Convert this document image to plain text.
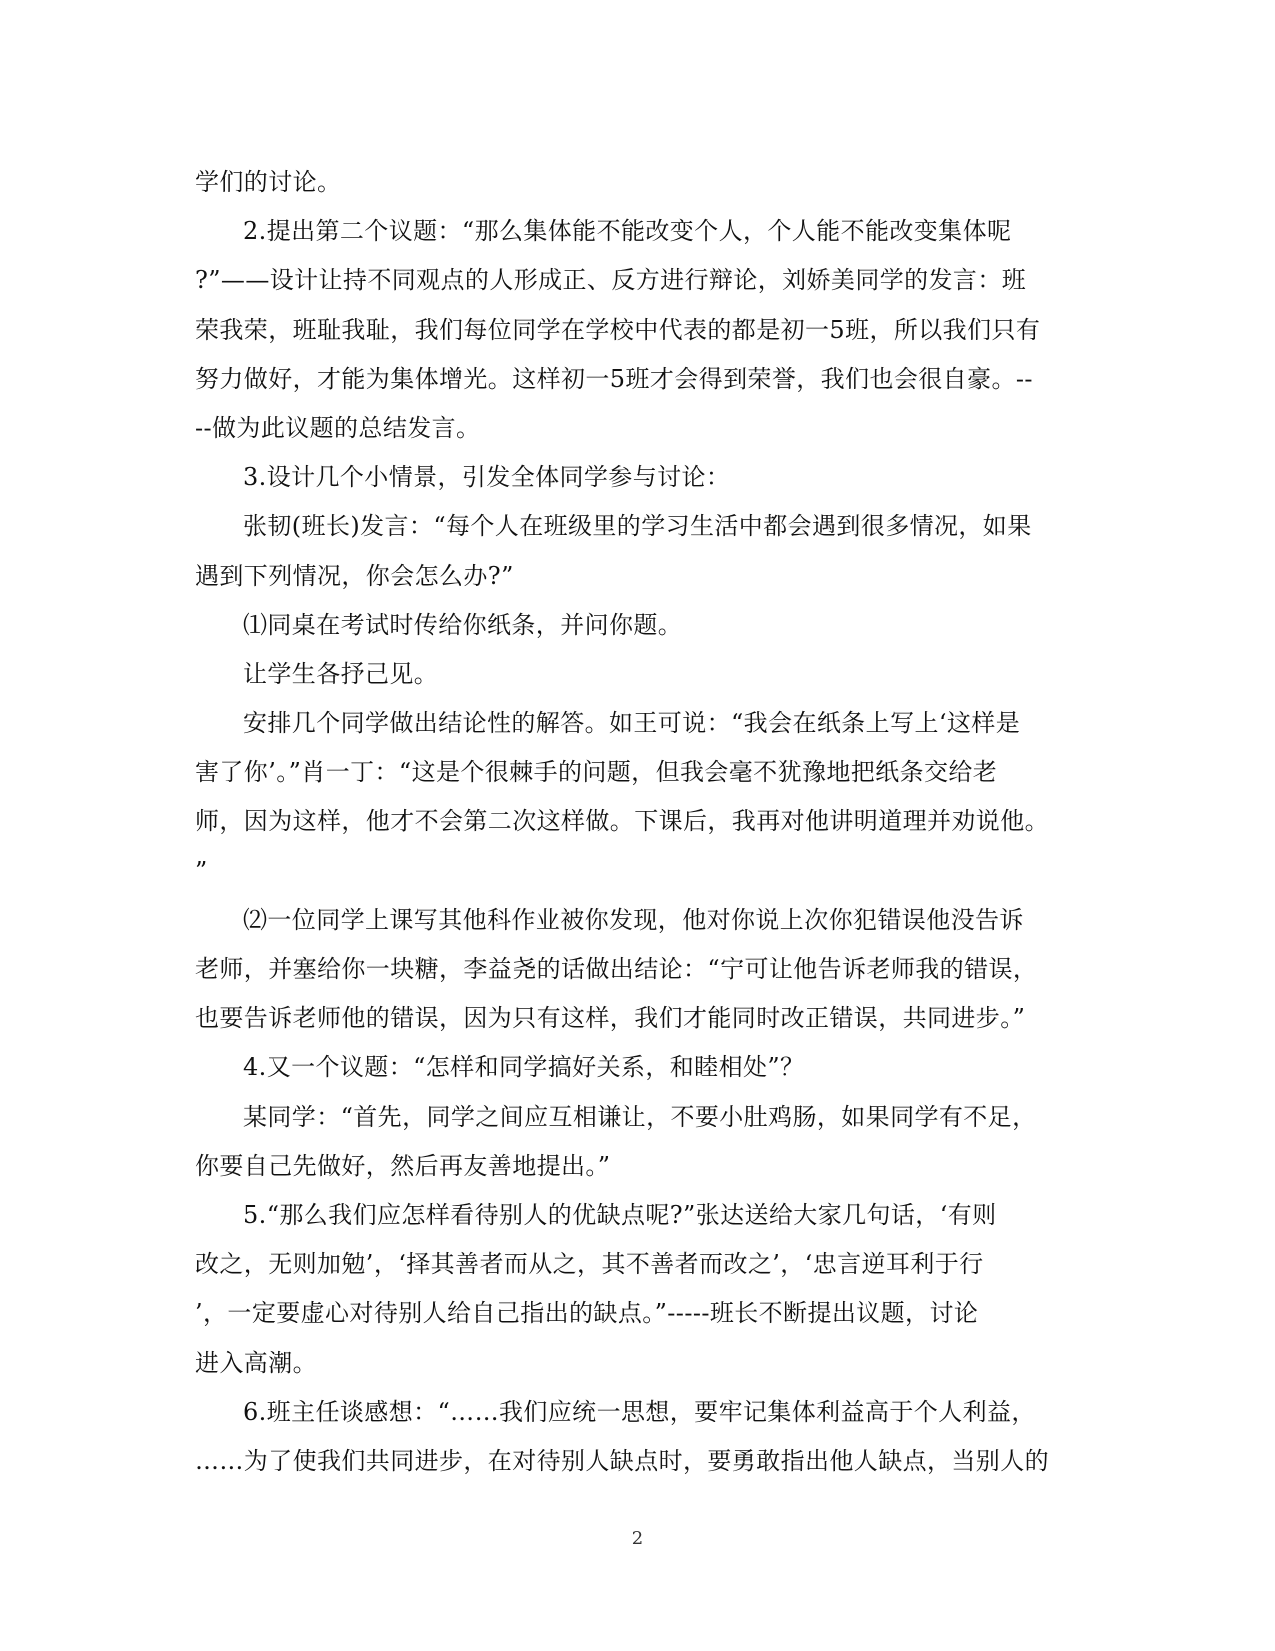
学们的讨论。
2.提出第二个议题：“那么集体能不能改变个人，个人能不能改变集体呢
?”——设计让持不同观点的人形成正、反方进行辩论，刘娇美同学的发言：班
荣我荣，班耻我耻，我们每位同学在学校中代表的都是初一5班，所以我们只有
努力做好，才能为集体增光。这样初一5班才会得到荣誉，我们也会很自豪。--
--做为此议题的总结发言。
3.设计几个小情景，引发全体同学参与讨论：
张韧(班长)发言：“每个人在班级里的学习生活中都会遇到很多情况，如果
遇到下列情况，你会怎么办?”
⑴同桌在考试时传给你纸条，并问你题。
让学生各抒己见。
安排几个同学做出结论性的解答。如王可说：“我会在纸条上写上‘这样是
害了你’。”肖一丁：“这是个很棘手的问题，但我会毫不犹豫地把纸条交给老
师，因为这样，他才不会第二次这样做。下课后，我再对他讲明道理并劝说他。
”
⑵一位同学上课写其他科作业被你发现，他对你说上次你犯错误他没告诉
老师，并塞给你一块糖，李益尧的话做出结论：“宁可让他告诉老师我的错误，
也要告诉老师他的错误，因为只有这样，我们才能同时改正错误，共同进步。”
4.又一个议题：“怎样和同学搞好关系，和睦相处”？
某同学：“首先，同学之间应互相谦让，不要小肚鸡肠，如果同学有不足，
你要自己先做好，然后再友善地提出。”
5.“那么我们应怎样看待别人的优缺点呢?”张达送给大家几句话，‘有则
改之，无则加勉’，‘择其善者而从之，其不善者而改之’，‘忠言逆耳利于行
’，一定要虚心对待别人给自己指出的缺点。”-----班长不断提出议题，讨论
进入高潮。
6.班主任谈感想：“……我们应统一思想，要牢记集体利益高于个人利益，
……为了使我们共同进步，在对待别人缺点时，要勇敢指出他人缺点，当别人的
2
